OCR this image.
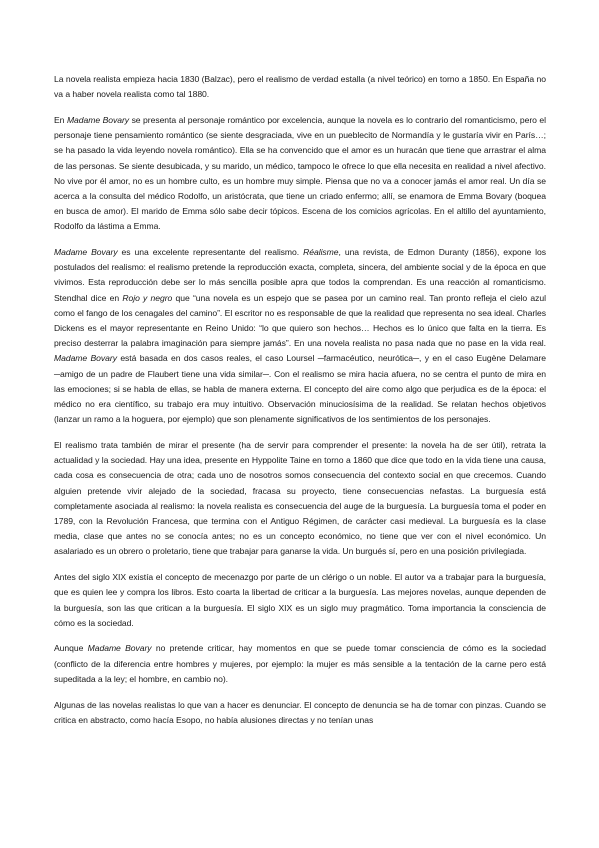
La novela realista empieza hacia 1830 (Balzac), pero el realismo de verdad estalla (a nivel teórico) en torno a 1850. En España no va a haber novela realista como tal 1880.

En Madame Bovary se presenta al personaje romántico por excelencia, aunque la novela es lo contrario del romanticismo, pero el personaje tiene pensamiento romántico (se siente desgraciada, vive en un pueblecito de Normandía y le gustaría vivir en París…; se ha pasado la vida leyendo novela romántico). Ella se ha convencido que el amor es un huracán que tiene que arrastrar el alma de las personas. Se siente desubicada, y su marido, un médico, tampoco le ofrece lo que ella necesita en realidad a nivel afectivo. No vive por él amor, no es un hombre culto, es un hombre muy simple. Piensa que no va a conocer jamás el amor real. Un día se acerca a la consulta del médico Rodolfo, un aristócrata, que tiene un criado enfermo; allí, se enamora de Emma Bovary (boquea en busca de amor). El marido de Emma sólo sabe decir tópicos. Escena de los comicios agrícolas. En el altillo del ayuntamiento, Rodolfo da lástima a Emma.

Madame Bovary es una excelente representante del realismo. Réalisme, una revista, de Edmon Duranty (1856), expone los postulados del realismo: el realismo pretende la reproducción exacta, completa, sincera, del ambiente social y de la época en que vivimos. Esta reproducción debe ser lo más sencilla posible apra que todos la comprendan. Es una reacción al romanticismo. Stendhal dice en Rojo y negro que “una novela es un espejo que se pasea por un camino real. Tan pronto refleja el cielo azul como el fango de los cenagales del camino”. El escritor no es responsable de que la realidad que representa no sea ideal. Charles Dickens es el mayor representante en Reino Unido: “lo que quiero son hechos… Hechos es lo único que falta en la tierra. Es preciso desterrar la palabra imaginación para siempre jamás”. En una novela realista no pasa nada que no pase en la vida real. Madame Bovary está basada en dos casos reales, el caso Loursel ─farmacéutico, neurótica─, y en el caso Eugène Delamare ─amigo de un padre de Flaubert tiene una vida similar─. Con el realismo se mira hacia afuera, no se centra el punto de mira en las emociones; si se habla de ellas, se habla de manera externa. El concepto del aire como algo que perjudica es de la época: el médico no era científico, su trabajo era muy intuitivo. Observación minuciosísima de la realidad. Se relatan hechos objetivos (lanzar un ramo a la hoguera, por ejemplo) que son plenamente significativos de los sentimientos de los personajes.

El realismo trata también de mirar el presente (ha de servir para comprender el presente: la novela ha de ser útil), retrata la actualidad y la sociedad. Hay una idea, presente en Hyppolite Taine en torno a 1860 que dice que todo en la vida tiene una causa, cada cosa es consecuencia de otra; cada uno de nosotros somos consecuencia del contexto social en que crecemos. Cuando alguien pretende vivir alejado de la sociedad, fracasa su proyecto, tiene consecuencias nefastas. La burguesía está completamente asociada al realismo: la novela realista es consecuencia del auge de la burguesía. La burguesía toma el poder en 1789, con la Revolución Francesa, que termina con el Antiguo Régimen, de carácter casi medieval. La burguesía es la clase media, clase que antes no se conocía antes; no es un concepto económico, no tiene que ver con el nivel económico. Un asalariado es un obrero o proletario, tiene que trabajar para ganarse la vida. Un burgués sí, pero en una posición privilegiada.

Antes del siglo XIX existía el concepto de mecenazgo por parte de un clérigo o un noble. El autor va a trabajar para la burguesía, que es quien lee y compra los libros. Esto coarta la libertad de criticar a la burguesía. Las mejores novelas, aunque dependen de la burguesía, son las que critican a la burguesía. El siglo XIX es un siglo muy pragmático. Toma importancia la consciencia de cómo es la sociedad.

Aunque Madame Bovary no pretende criticar, hay momentos en que se puede tomar consciencia de cómo es la sociedad (conflicto de la diferencia entre hombres y mujeres, por ejemplo: la mujer es más sensible a la tentación de la carne pero está supeditada a la ley; el hombre, en cambio no).

Algunas de las novelas realistas lo que van a hacer es denunciar. El concepto de denuncia se ha de tomar con pinzas. Cuando se critica en abstracto, como hacía Esopo, no había alusiones directas y no tenían unas
